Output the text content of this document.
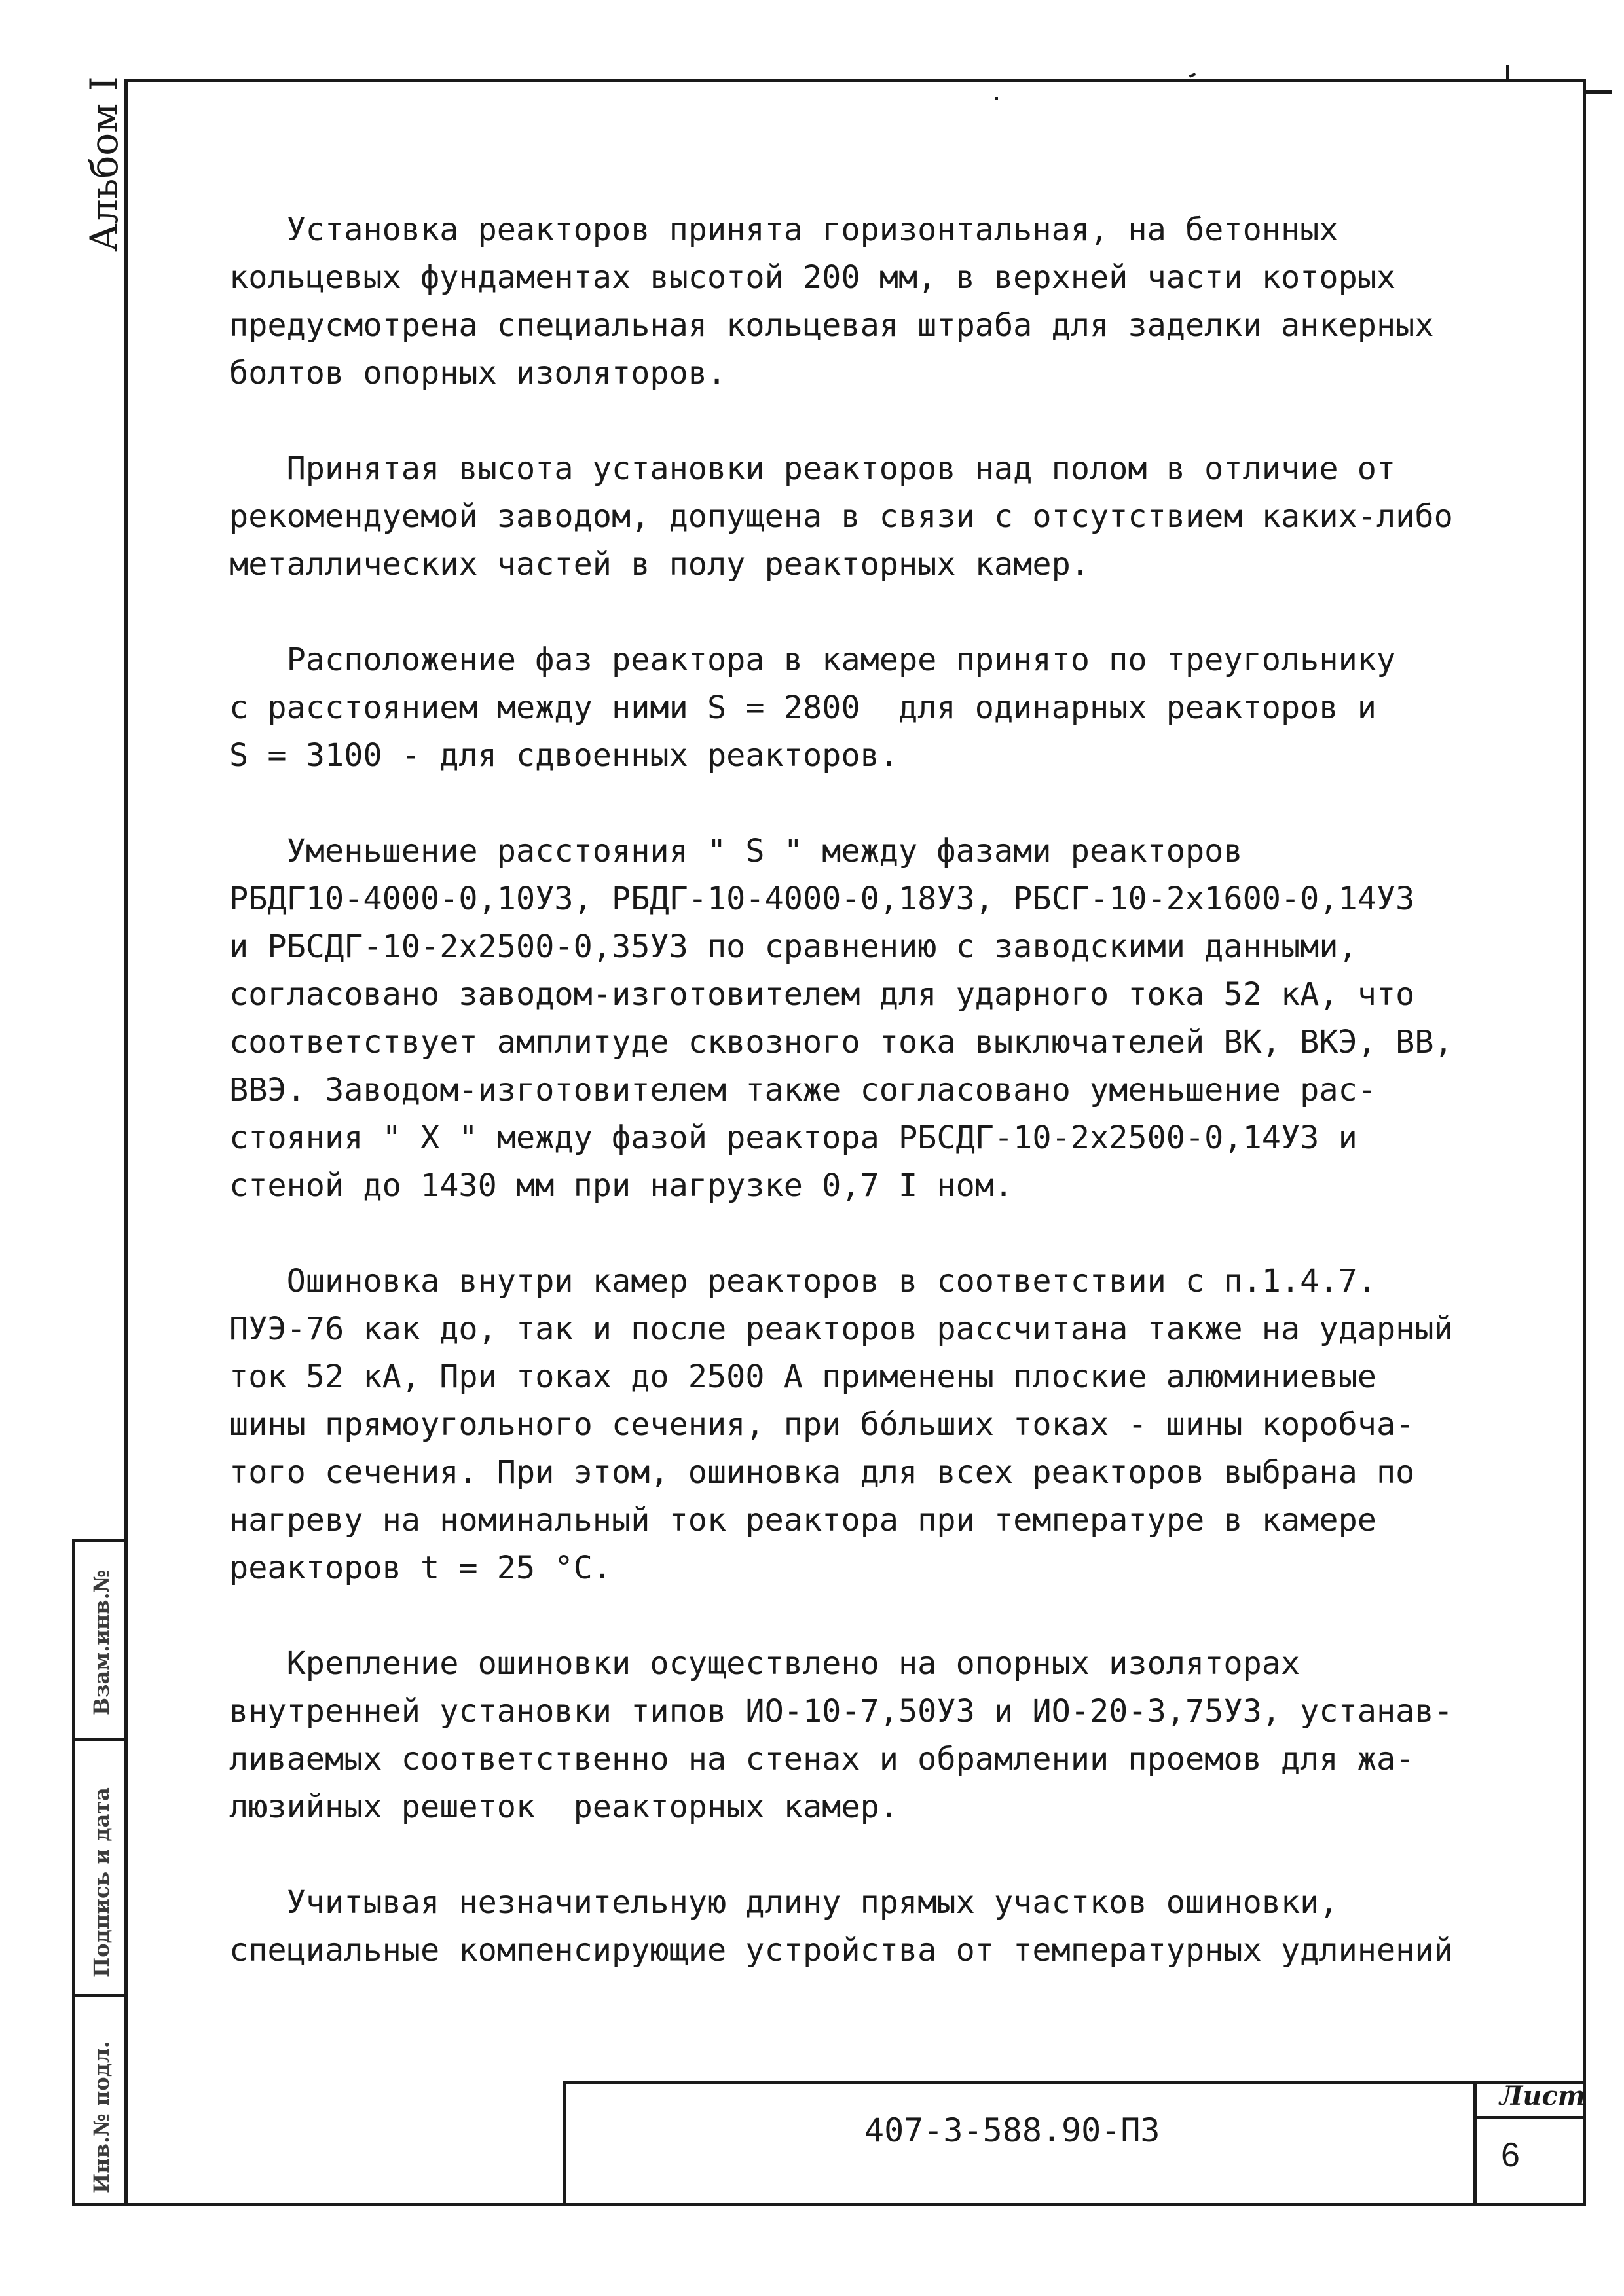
Альбом I
Взам.инв.№
Подпись и дата
Инв.№ подл.
Установка реакторов принята горизонтальная, на бетонных
кольцевых фундаментах высотой 200 мм, в верхней части которых
предусмотрена специальная кольцевая штраба для заделки анкерных
болтов опорных изоляторов.
Принятая высота установки реакторов над полом в отличие от
рекомендуемой заводом, допущена в связи с отсутствием каких-либо
металлических частей в полу реакторных камер.
Расположение фаз реактора в камере принято по треугольнику
с расстоянием между ними S = 2800  для одинарных реакторов и
S = 3100 - для сдвоенных реакторов.
Уменьшение расстояния " S " между фазами реакторов
РБДГ10-4000-0,10УЗ, РБДГ-10-4000-0,18УЗ, РБСГ-10-2х1600-0,14УЗ
и РБСДГ-10-2х2500-0,35УЗ по сравнению с заводскими данными,
согласовано заводом-изготовителем для ударного тока 52 кА, что
соответствует амплитуде сквозного тока выключателей ВК, ВКЭ, ВВ,
ВВЭ. Заводом-изготовителем также согласовано уменьшение рас-
стояния " Х " между фазой реактора РБСДГ-10-2х2500-0,14УЗ и
стеной до 1430 мм при нагрузке 0,7 I ном.
Ошиновка внутри камер реакторов в соответствии с п.1.4.7.
ПУЭ-76 как до, так и после реакторов рассчитана также на ударный
ток 52 кА, При токах до 2500 А применены плоские алюминиевые
шины прямоугольного сечения, при бо́льших токах - шины коробча-
того сечения. При этом, ошиновка для всех реакторов выбрана по
нагреву на номинальный ток реактора при температуре в камере
реакторов t = 25 °C.
Крепление ошиновки осуществлено на опорных изоляторах
внутренней установки типов ИО-10-7,50УЗ и ИО-20-3,75УЗ, устанав-
ливаемых соответственно на стенах и обрамлении проемов для жа-
люзийных решеток  реакторных камер.
Учитывая незначительную длину прямых участков ошиновки,
специальные компенсирующие устройства от температурных удлинений
407-3-588.90-ПЗ
Лист
6
